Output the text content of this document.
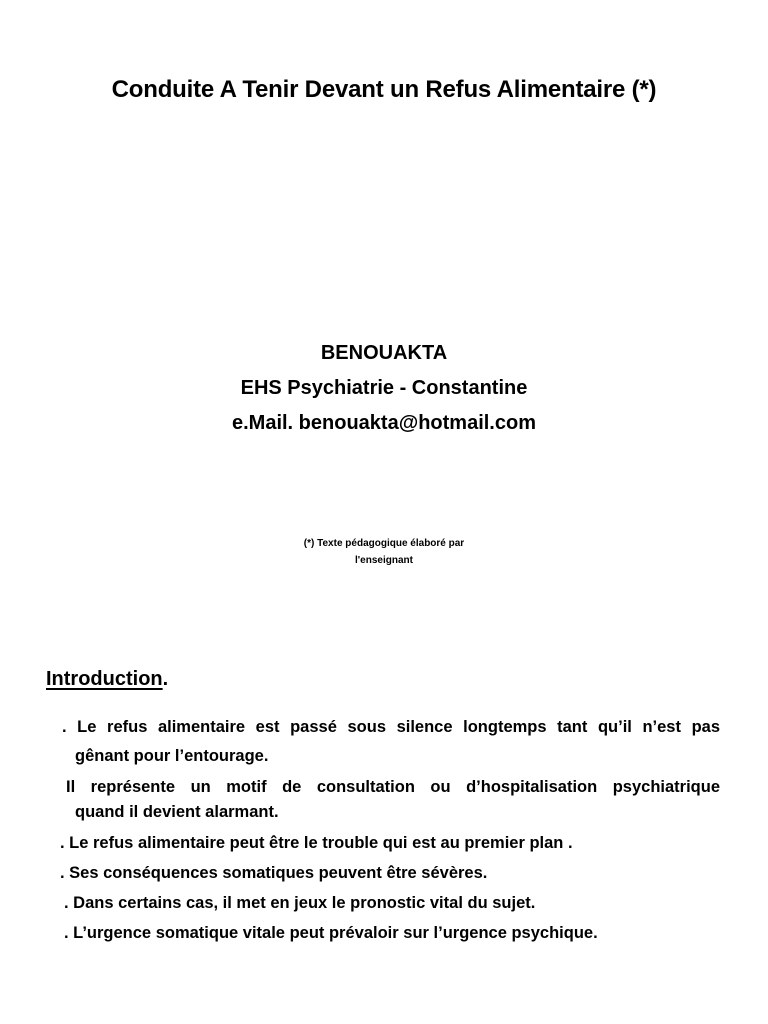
Conduite A Tenir Devant un Refus Alimentaire (*)
BENOUAKTA
EHS Psychiatrie - Constantine
e.Mail. benouakta@hotmail.com
(*) Texte pédagogique élaboré par
l'enseignant
Introduction.
. Le refus alimentaire est passé sous silence longtemps tant qu’il n’est pas
gênant pour l’entourage.
Il représente un motif de consultation ou d’hospitalisation psychiatrique
quand il devient alarmant.
. Le refus alimentaire peut être le trouble qui est au premier plan .
. Ses conséquences somatiques peuvent être sévères.
. Dans certains cas, il met en jeux le pronostic vital du sujet.
. L’urgence somatique vitale peut prévaloir sur l’urgence psychique.
